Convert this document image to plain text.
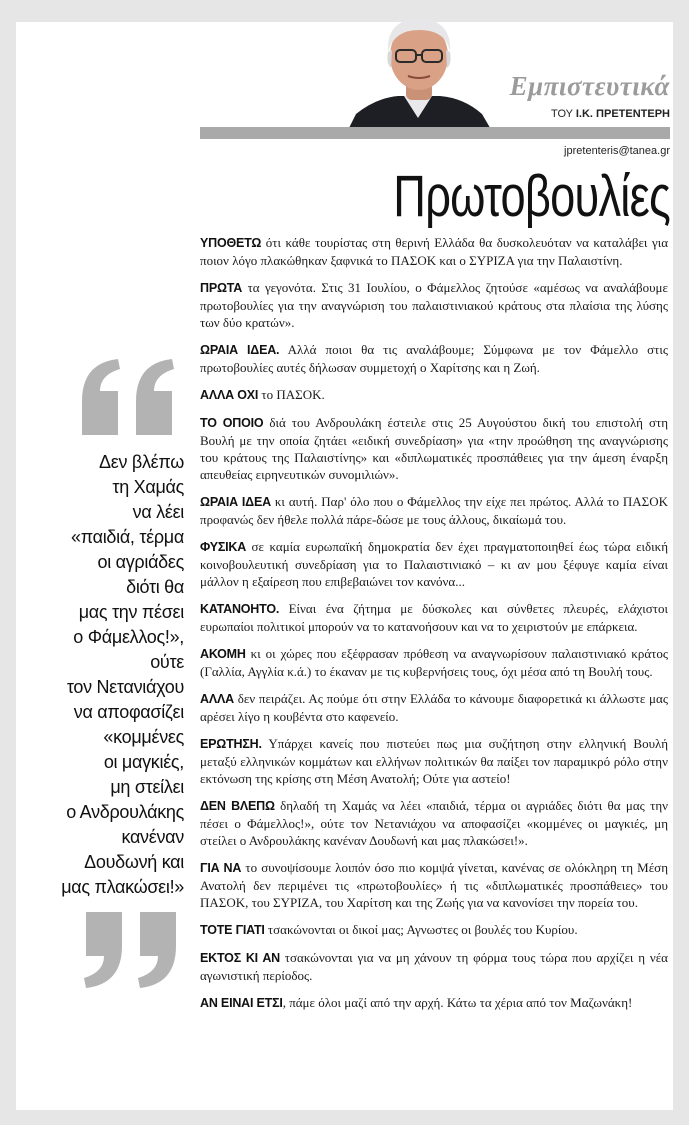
Εμπιστευτικά
ΤΟΥ Ι.Κ. ΠΡΕΤΕΝΤΕΡΗ
jpretenteris@tanea.gr
Πρωτοβουλίες
Δεν βλέπω
τη Χαμάς
να λέει
«παιδιά, τέρμα
οι αγριάδες
διότι θα
μας την πέσει
ο Φάμελλος!»,
ούτε
τον Νετανιάχου
να αποφασίζει
«κομμένες
οι μαγκιές,
μη στείλει
ο Ανδρουλάκης
κανέναν
Δουδωνή και
μας πλακώσει!»

ΥΠΟΘΕΤΩ ότι κάθε τουρίστας στη θερινή Ελλάδα θα δυσκολευόταν να καταλάβει για ποιον λόγο πλακώθηκαν ξαφνικά το ΠΑΣΟΚ και ο ΣΥΡΙΖΑ για την Παλαιστίνη.

ΠΡΩΤΑ τα γεγονότα. Στις 31 Ιουλίου, ο Φάμελλος ζητούσε «αμέσως να αναλάβουμε πρωτοβουλίες για την αναγνώριση του παλαιστινιακού κράτους στα πλαίσια της λύσης των δύο κρατών».

ΩΡΑΙΑ ΙΔΕΑ. Αλλά ποιοι θα τις αναλάβουμε; Σύμφωνα με τον Φάμελλο στις πρωτοβουλίες αυτές δήλωσαν συμμετοχή ο Χαρίτσης και η Ζωή.

ΑΛΛΑ ΟΧΙ το ΠΑΣΟΚ.

ΤΟ ΟΠΟΙΟ διά του Ανδρουλάκη έστειλε στις 25 Αυγούστου δική του επιστολή στη Βουλή με την οποία ζητάει «ειδική συνεδρίαση» για «την προώθηση της αναγνώρισης του κράτους της Παλαιστίνης» και «διπλωματικές προσπάθειες για την άμεση έναρξη απευθείας ειρηνευτικών συνομιλιών».

ΩΡΑΙΑ ΙΔΕΑ κι αυτή. Παρ' όλο που ο Φάμελλος την είχε πει πρώτος. Αλλά το ΠΑΣΟΚ προφανώς δεν ήθελε πολλά πάρε-δώσε με τους άλλους, δικαίωμά του.

ΦΥΣΙΚΑ σε καμία ευρωπαϊκή δημοκρατία δεν έχει πραγματοποιηθεί έως τώρα ειδική κοινοβουλευτική συνεδρίαση για το Παλαιστινιακό – κι αν μου ξέφυγε καμία είναι μάλλον η εξαίρεση που επιβεβαιώνει τον κανόνα...

ΚΑΤΑΝΟΗΤΟ. Είναι ένα ζήτημα με δύσκολες και σύνθετες πλευρές, ελάχιστοι ευρωπαίοι πολιτικοί μπορούν να το κατανοήσουν και να το χειριστούν με επάρκεια.

ΑΚΟΜΗ κι οι χώρες που εξέφρασαν πρόθεση να αναγνωρίσουν παλαιστινιακό κράτος (Γαλλία, Αγγλία κ.ά.) το έκαναν με τις κυβερνήσεις τους, όχι μέσα από τη Βουλή τους.

ΑΛΛΑ δεν πειράζει. Ας πούμε ότι στην Ελλάδα το κάνουμε διαφορετικά κι άλλωστε μας αρέσει λίγο η κουβέντα στο καφενείο.

ΕΡΩΤΗΣΗ. Υπάρχει κανείς που πιστεύει πως μια συζήτηση στην ελληνική Βουλή μεταξύ ελληνικών κομμάτων και ελλήνων πολιτικών θα παίξει τον παραμικρό ρόλο στην εκτόνωση της κρίσης στη Μέση Ανατολή; Ούτε για αστείο!

ΔΕΝ ΒΛΕΠΩ δηλαδή τη Χαμάς να λέει «παιδιά, τέρμα οι αγριάδες διότι θα μας την πέσει ο Φάμελλος!», ούτε τον Νετανιάχου να αποφασίζει «κομμένες οι μαγκιές, μη στείλει ο Ανδρουλάκης κανέναν Δουδωνή και μας πλακώσει!».

ΓΙΑ ΝΑ το συνοψίσουμε λοιπόν όσο πιο κομψά γίνεται, κανένας σε ολόκληρη τη Μέση Ανατολή δεν περιμένει τις «πρωτοβουλίες» ή τις «διπλωματικές προσπάθειες» του ΠΑΣΟΚ, του ΣΥΡΙΖΑ, του Χαρίτση και της Ζωής για να κανονίσει την πορεία του.

ΤΟΤΕ ΓΙΑΤΙ τσακώνονται οι δικοί μας; Αγνωστες οι βουλές του Κυρίου.

ΕΚΤΟΣ ΚΙ ΑΝ τσακώνονται για να μη χάνουν τη φόρμα τους τώρα που αρχίζει η νέα αγωνιστική περίοδος.

ΑΝ ΕΙΝΑΙ ΕΤΣΙ, πάμε όλοι μαζί από την αρχή. Κάτω τα χέρια από τον Μαζωνάκη!
